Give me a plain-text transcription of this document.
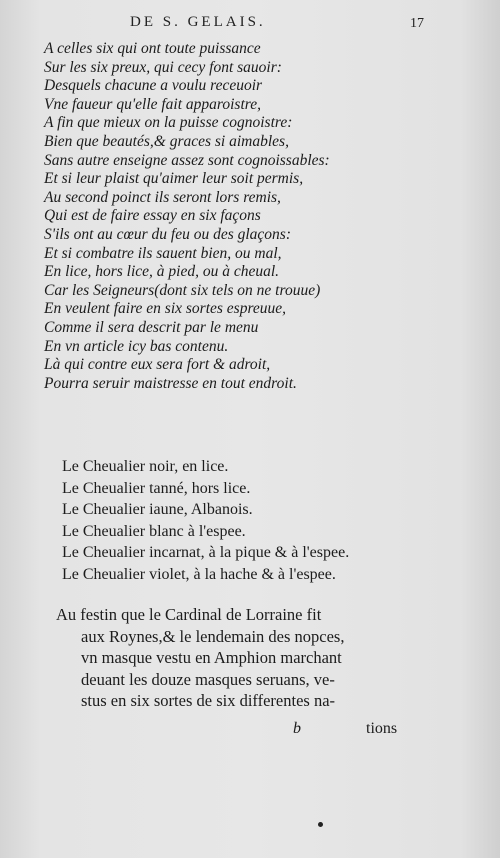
DE S. GELAIS.	17
A celles six qui ont toute puissance
Sur les six preux, qui cecy font sauoir:
Desquels chacune a voulu receuoir
Vne faueur qu'elle fait apparoistre,
A fin que mieux on la puisse cognoistre:
Bien que beautés,& graces si aimables,
Sans autre enseigne assez sont cognoissables:
Et si leur plaist qu'aimer leur soit permis,
Au second poinct ils seront lors remis,
Qui est de faire essay en six façons
S'ils ont au cœur du feu ou des glaçons:
Et si combatre ils sauent bien, ou mal,
En lice, hors lice, à pied, ou à cheual.
Car les Seigneurs(dont six tels on ne trouue)
En veulent faire en six sortes espreuue,
Comme il sera descrit par le menu
En vn article icy bas contenu.
Là qui contre eux sera fort & adroit,
Pourra seruir maistresse en tout endroit.
Le Cheualier noir, en lice.
Le Cheualier tanné, hors lice.
Le Cheualier iaune, Albanois.
Le Cheualier blanc à l'espee.
Le Cheualier incarnat, à la pique & à l'espee.
Le Cheualier violet, à la hache & à l'espee.
Au festin que le Cardinal de Lorraine fit
aux Roynes,& le lendemain des nopces,
vn masque vestu en Amphion marchant
deuant les douze masques seruans, ve-
stus en six sortes de six differentes na-
b	tions
